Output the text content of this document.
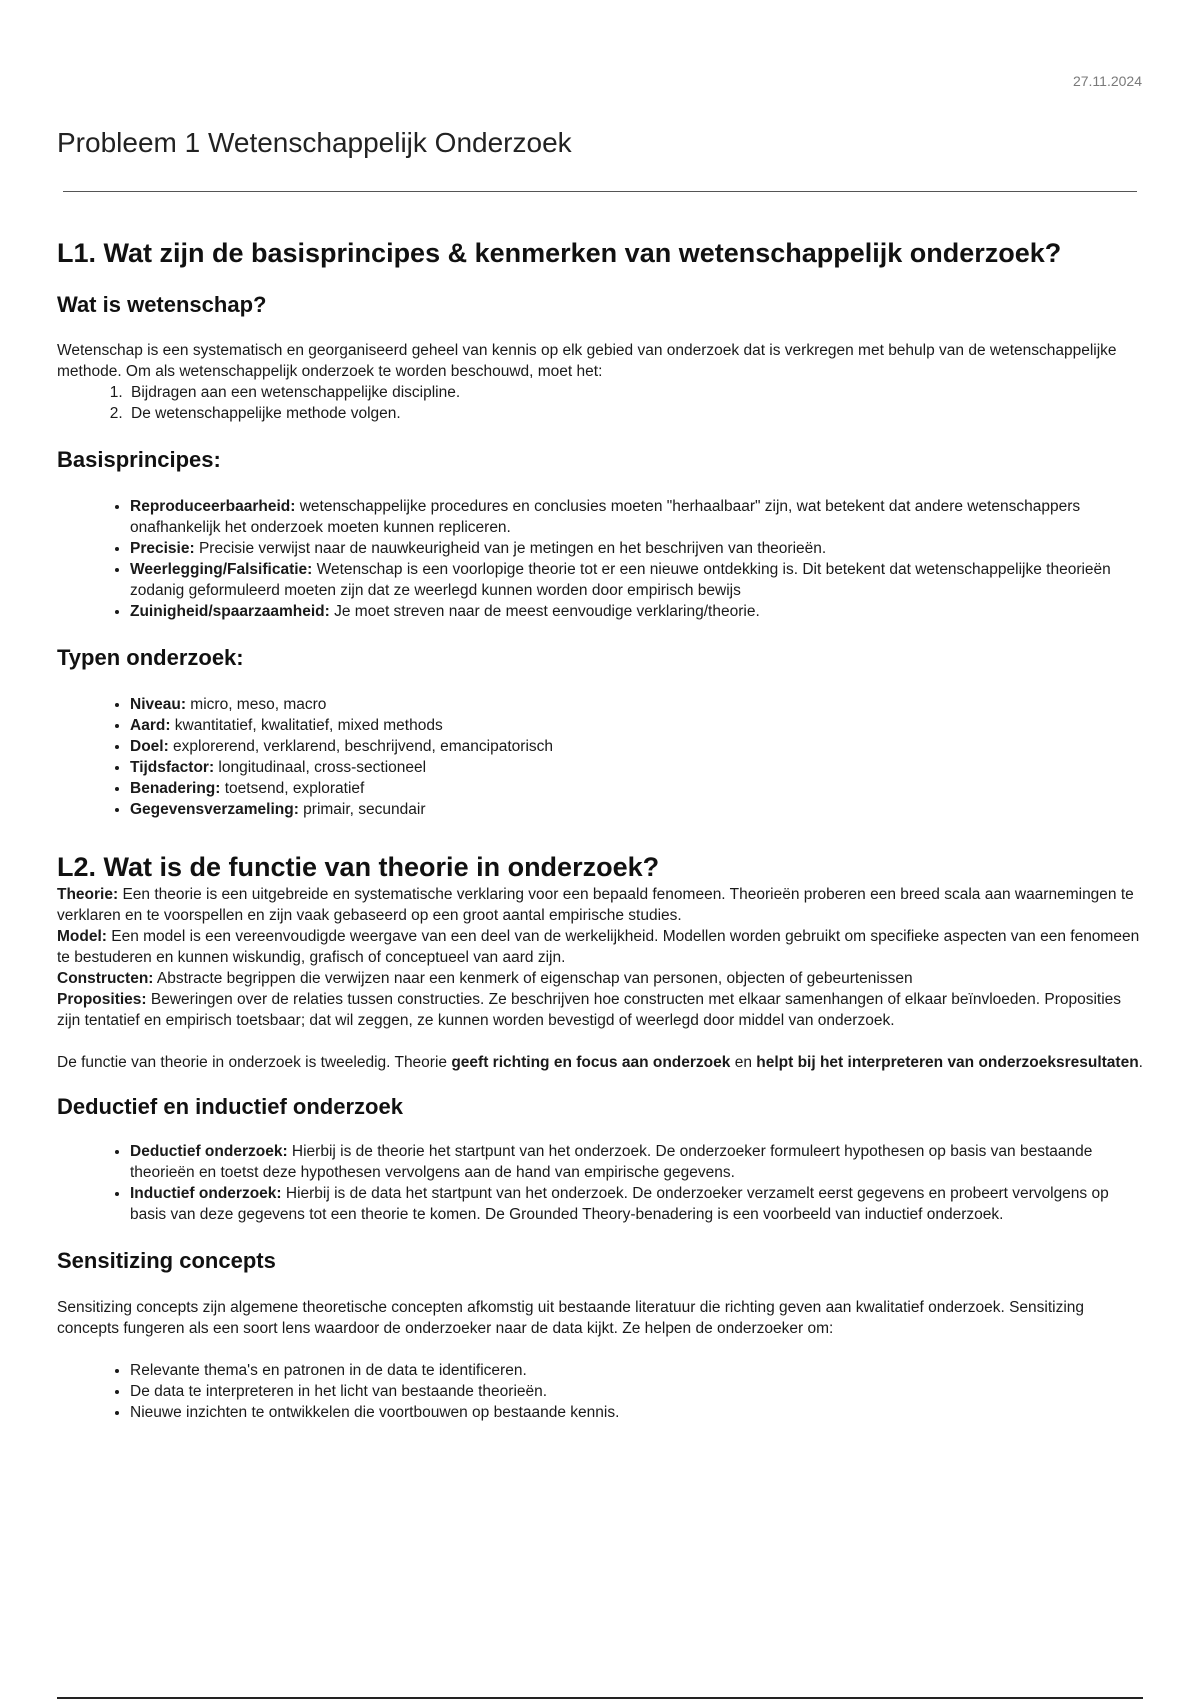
27.11.2024
Probleem 1 Wetenschappelijk Onderzoek
L1. Wat zijn de basisprincipes & kenmerken van wetenschappelijk onderzoek?
Wat is wetenschap?

Wetenschap is een systematisch en georganiseerd geheel van kennis op elk gebied van onderzoek dat is verkregen met behulp van de wetenschappelijke methode. Om als wetenschappelijk onderzoek te worden beschouwd, moet het:

1. Bijdragen aan een wetenschappelijke discipline.
2. De wetenschappelijke methode volgen.
Basisprincipes:
• Reproduceerbaarheid: wetenschappelijke procedures en conclusies moeten "herhaalbaar" zijn, wat betekent dat andere wetenschappers onafhankelijk het onderzoek moeten kunnen repliceren.
• Precisie: Precisie verwijst naar de nauwkeurigheid van je metingen en het beschrijven van theorieën.
• Weerlegging/Falsificatie: Wetenschap is een voorlopige theorie tot er een nieuwe ontdekking is. Dit betekent dat wetenschappelijke theorieën zodanig geformuleerd moeten zijn dat ze weerlegd kunnen worden door empirisch bewijs
• Zuinigheid/spaarzaamheid: Je moet streven naar de meest eenvoudige verklaring/theorie.
Typen onderzoek:
• Niveau: micro, meso, macro
• Aard: kwantitatief, kwalitatief, mixed methods
• Doel: explorerend, verklarend, beschrijvend, emancipatorisch
• Tijdsfactor: longitudinaal, cross-sectioneel
• Benadering: toetsend, exploratief
• Gegevensverzameling: primair, secundair
L2. Wat is de functie van theorie in onderzoek?

Theorie: Een theorie is een uitgebreide en systematische verklaring voor een bepaald fenomeen. Theorieën proberen een breed scala aan waarnemingen te verklaren en te voorspellen en zijn vaak gebaseerd op een groot aantal empirische studies.

Model: Een model is een vereenvoudigde weergave van een deel van de werkelijkheid. Modellen worden gebruikt om specifieke aspecten van een fenomeen te bestuderen en kunnen wiskundig, grafisch of conceptueel van aard zijn.

Constructen: Abstracte begrippen die verwijzen naar een kenmerk of eigenschap van personen, objecten of gebeurtenissen

Proposities: Beweringen over de relaties tussen constructies. Ze beschrijven hoe constructen met elkaar samenhangen of elkaar beïnvloeden. Proposities zijn tentatief en empirisch toetsbaar; dat wil zeggen, ze kunnen worden bevestigd of weerlegd door middel van onderzoek.

De functie van theorie in onderzoek is tweeledig. Theorie geeft richting en focus aan onderzoek en helpt bij het interpreteren van onderzoeksresultaten.

Deductief en inductief onderzoek
• Deductief onderzoek: Hierbij is de theorie het startpunt van het onderzoek. De onderzoeker formuleert hypothesen op basis van bestaande theorieën en toetst deze hypothesen vervolgens aan de hand van empirische gegevens.
• Inductief onderzoek: Hierbij is de data het startpunt van het onderzoek. De onderzoeker verzamelt eerst gegevens en probeert vervolgens op basis van deze gegevens tot een theorie te komen. De Grounded Theory-benadering is een voorbeeld van inductief onderzoek.
Sensitizing concepts

Sensitizing concepts zijn algemene theoretische concepten afkomstig uit bestaande literatuur die richting geven aan kwalitatief onderzoek. Sensitizing concepts fungeren als een soort lens waardoor de onderzoeker naar de data kijkt. Ze helpen de onderzoeker om:

• Relevante thema's en patronen in de data te identificeren.
• De data te interpreteren in het licht van bestaande theorieën.
• Nieuwe inzichten te ontwikkelen die voortbouwen op bestaande kennis.
